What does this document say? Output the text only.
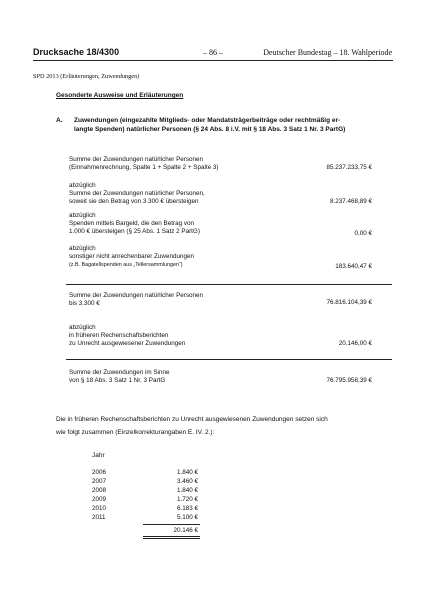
Drucksache 18/4300	– 86 –	Deutscher Bundestag – 18. Wahlperiode
SPD 2013 (Erläuterungen, Zuwendungen)
Gesonderte Ausweise und Erläuterungen
A. Zuwendungen (eingezahlte Mitglieds- oder Mandatsträgerbeiträge oder rechtmäßig er-
langte Spenden) natürlicher Personen (§ 24 Abs. 8 i.V. mit § 18 Abs. 3 Satz 1 Nr. 3 PartG)
Summe der Zuwendungen natürlicher Personen
(Einnahmenrechnung, Spalte 1 + Spalte 2 + Spalte 3)	85.237.233,75 €
abzüglich
Summe der Zuwendungen natürlicher Personen,
soweit sie den Betrag von 3.300 € übersteigen	8.237.468,89 €
abzüglich
Spenden mittels Bargeld, die den Betrag von
1.000 € übersteigen (§ 25 Abs. 1 Satz 2 PartG)	0,00 €
abzüglich
sonstiger nicht anrechenbarer Zuwendungen
(z.B. Bagatellspenden aus „Tellersammlungen“)	183.640,47 €
Summe der Zuwendungen natürlicher Personen
bis 3.300 €	76.816.104,39 €
abzüglich
in früheren Rechenschaftsberichten
zu Unrecht ausgewiesener Zuwendungen	20.146,00 €
Summe der Zuwendungen im Sinne
von § 18 Abs. 3 Satz 1 Nr. 3 PartG	76.795.958,39 €
Die in früheren Rechenschaftsberichten zu Unrecht ausgewiesenen Zuwendungen setzen sich
wie folgt zusammen (Einzelkorrekturangaben E. IV. 2.):
Jahr
2006	1.840 €
2007	3.460 €
2008	1.840 €
2009	1.720 €
2010	6.183 €
2011	5.100 €
20.146 €
